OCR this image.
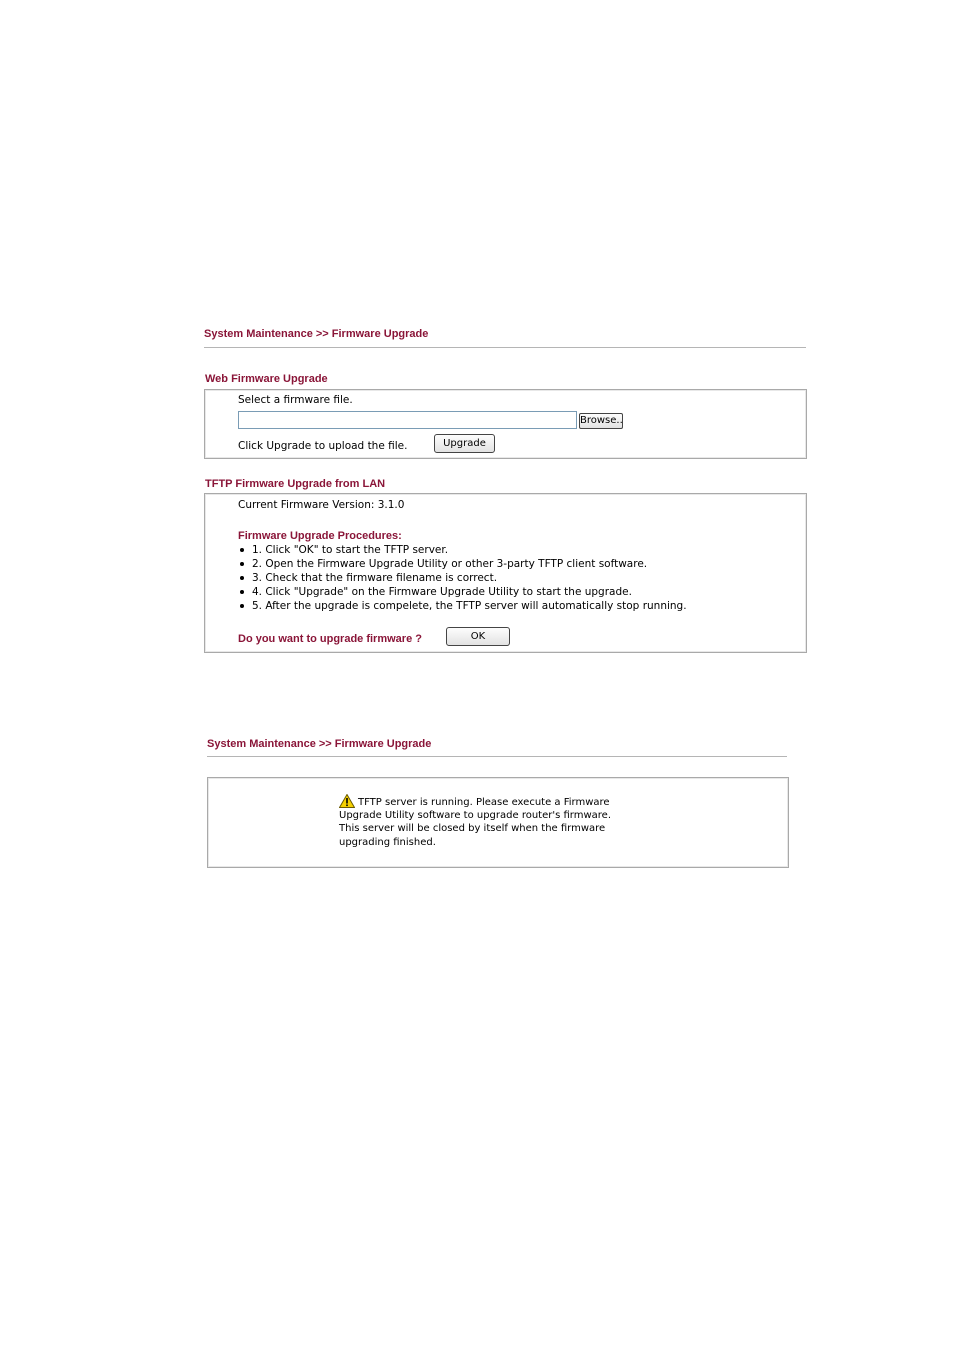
System Maintenance >> Firmware Upgrade
Web Firmware Upgrade
Select a firmware file.
Browse..
Click Upgrade to upload the file.	Upgrade
TFTP Firmware Upgrade from LAN
Current Firmware Version: 3.1.0
Firmware Upgrade Procedures:
1. Click "OK" to start the TFTP server.
2. Open the Firmware Upgrade Utility or other 3-party TFTP client software.
3. Check that the firmware filename is correct.
4. Click "Upgrade" on the Firmware Upgrade Utility to start the upgrade.
5. After the upgrade is compelete, the TFTP server will automatically stop running.
Do you want to upgrade firmware ?	OK
System Maintenance >> Firmware Upgrade
TFTP server is running. Please execute a Firmware
Upgrade Utility software to upgrade router's firmware.
This server will be closed by itself when the firmware
upgrading finished.
